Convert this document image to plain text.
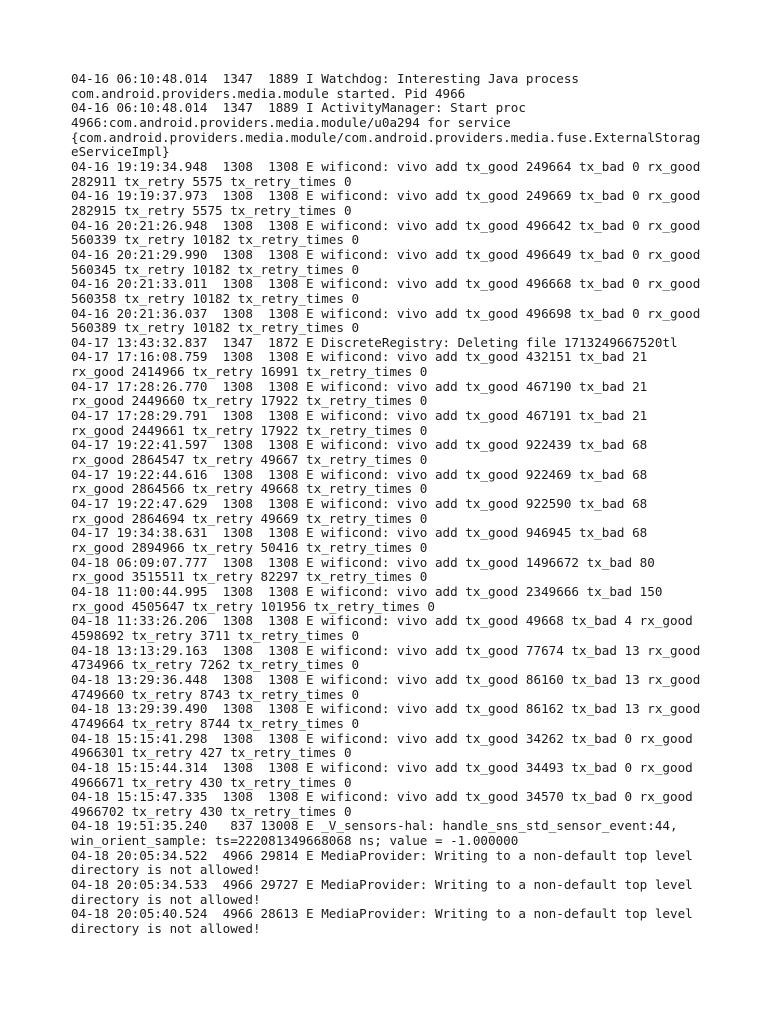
04-16 06:10:48.014  1347  1889 I Watchdog: Interesting Java process
com.android.providers.media.module started. Pid 4966
04-16 06:10:48.014  1347  1889 I ActivityManager: Start proc
4966:com.android.providers.media.module/u0a294 for service
{com.android.providers.media.module/com.android.providers.media.fuse.ExternalStorag
eServiceImpl}
04-16 19:19:34.948  1308  1308 E wificond: vivo add tx_good 249664 tx_bad 0 rx_good
282911 tx_retry 5575 tx_retry_times 0
04-16 19:19:37.973  1308  1308 E wificond: vivo add tx_good 249669 tx_bad 0 rx_good
282915 tx_retry 5575 tx_retry_times 0
04-16 20:21:26.948  1308  1308 E wificond: vivo add tx_good 496642 tx_bad 0 rx_good
560339 tx_retry 10182 tx_retry_times 0
04-16 20:21:29.990  1308  1308 E wificond: vivo add tx_good 496649 tx_bad 0 rx_good
560345 tx_retry 10182 tx_retry_times 0
04-16 20:21:33.011  1308  1308 E wificond: vivo add tx_good 496668 tx_bad 0 rx_good
560358 tx_retry 10182 tx_retry_times 0
04-16 20:21:36.037  1308  1308 E wificond: vivo add tx_good 496698 tx_bad 0 rx_good
560389 tx_retry 10182 tx_retry_times 0
04-17 13:43:32.837  1347  1872 E DiscreteRegistry: Deleting file 1713249667520tl
04-17 17:16:08.759  1308  1308 E wificond: vivo add tx_good 432151 tx_bad 21
rx_good 2414966 tx_retry 16991 tx_retry_times 0
04-17 17:28:26.770  1308  1308 E wificond: vivo add tx_good 467190 tx_bad 21
rx_good 2449660 tx_retry 17922 tx_retry_times 0
04-17 17:28:29.791  1308  1308 E wificond: vivo add tx_good 467191 tx_bad 21
rx_good 2449661 tx_retry 17922 tx_retry_times 0
04-17 19:22:41.597  1308  1308 E wificond: vivo add tx_good 922439 tx_bad 68
rx_good 2864547 tx_retry 49667 tx_retry_times 0
04-17 19:22:44.616  1308  1308 E wificond: vivo add tx_good 922469 tx_bad 68
rx_good 2864566 tx_retry 49668 tx_retry_times 0
04-17 19:22:47.629  1308  1308 E wificond: vivo add tx_good 922590 tx_bad 68
rx_good 2864694 tx_retry 49669 tx_retry_times 0
04-17 19:34:38.631  1308  1308 E wificond: vivo add tx_good 946945 tx_bad 68
rx_good 2894966 tx_retry 50416 tx_retry_times 0
04-18 06:09:07.777  1308  1308 E wificond: vivo add tx_good 1496672 tx_bad 80
rx_good 3515511 tx_retry 82297 tx_retry_times 0
04-18 11:00:44.995  1308  1308 E wificond: vivo add tx_good 2349666 tx_bad 150
rx_good 4505647 tx_retry 101956 tx_retry_times 0
04-18 11:33:26.206  1308  1308 E wificond: vivo add tx_good 49668 tx_bad 4 rx_good
4598692 tx_retry 3711 tx_retry_times 0
04-18 13:13:29.163  1308  1308 E wificond: vivo add tx_good 77674 tx_bad 13 rx_good
4734966 tx_retry 7262 tx_retry_times 0
04-18 13:29:36.448  1308  1308 E wificond: vivo add tx_good 86160 tx_bad 13 rx_good
4749660 tx_retry 8743 tx_retry_times 0
04-18 13:29:39.490  1308  1308 E wificond: vivo add tx_good 86162 tx_bad 13 rx_good
4749664 tx_retry 8744 tx_retry_times 0
04-18 15:15:41.298  1308  1308 E wificond: vivo add tx_good 34262 tx_bad 0 rx_good
4966301 tx_retry 427 tx_retry_times 0
04-18 15:15:44.314  1308  1308 E wificond: vivo add tx_good 34493 tx_bad 0 rx_good
4966671 tx_retry 430 tx_retry_times 0
04-18 15:15:47.335  1308  1308 E wificond: vivo add tx_good 34570 tx_bad 0 rx_good
4966702 tx_retry 430 tx_retry_times 0
04-18 19:51:35.240   837 13008 E _V_sensors-hal: handle_sns_std_sensor_event:44,
win_orient_sample: ts=222081349668068 ns; value = -1.000000
04-18 20:05:34.522  4966 29814 E MediaProvider: Writing to a non-default top level
directory is not allowed!
04-18 20:05:34.533  4966 29727 E MediaProvider: Writing to a non-default top level
directory is not allowed!
04-18 20:05:40.524  4966 28613 E MediaProvider: Writing to a non-default top level
directory is not allowed!
